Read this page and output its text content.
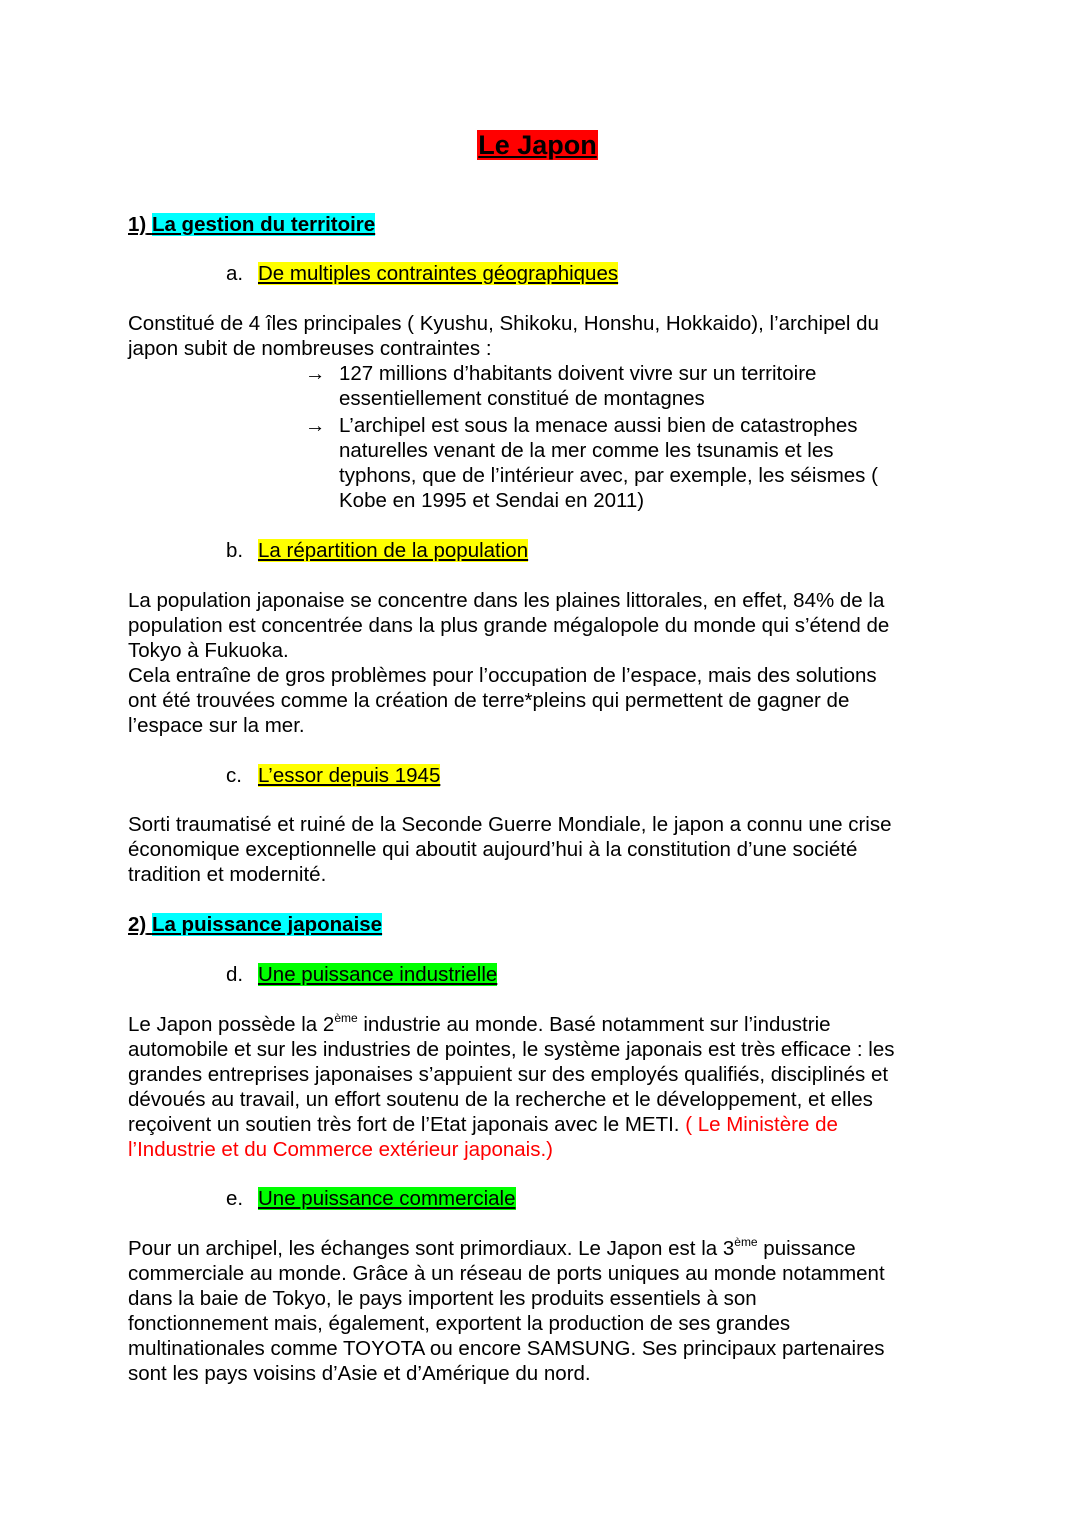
Le Japon
1) La gestion du territoire
a. De multiples contraintes géographiques
Constitué de 4 îles principales ( Kyushu, Shikoku, Honshu, Hokkaido), l’archipel du
japon subit de nombreuses contraintes :
→ 127 millions d’habitants doivent vivre sur un territoire
essentiellement constitué de montagnes
→ L’archipel est sous la menace aussi bien de catastrophes
naturelles venant de la mer comme les tsunamis et les
typhons, que de l’intérieur avec, par exemple, les séismes (
Kobe en 1995 et Sendai en 2011)
b. La répartition de la population
La population japonaise se concentre dans les plaines littorales, en effet, 84% de la
population est concentrée dans la plus grande mégalopole du monde qui s’étend de
Tokyo à Fukuoka.
Cela entraîne de gros problèmes pour l’occupation de l’espace, mais des solutions
ont été trouvées comme la création de terre*pleins qui permettent de gagner de
l’espace sur la mer.
c. L’essor depuis 1945
Sorti traumatisé et ruiné de la Seconde Guerre Mondiale, le japon a connu une crise
économique exceptionnelle qui aboutit aujourd’hui à la constitution d’une société
tradition et modernité.
2) La puissance japonaise
d. Une puissance industrielle
Le Japon possède la 2ème industrie au monde. Basé notamment sur l’industrie
automobile et sur les industries de pointes, le système japonais est très efficace : les
grandes entreprises japonaises s’appuient sur des employés qualifiés, disciplinés et
dévoués au travail, un effort soutenu de la recherche et le développement, et elles
reçoivent un soutien très fort de l’Etat japonais avec le METI. ( Le Ministère de
l’Industrie et du Commerce extérieur japonais.)
e. Une puissance commerciale
Pour un archipel, les échanges sont primordiaux. Le Japon est la 3ème puissance
commerciale au monde. Grâce à un réseau de ports uniques au monde notamment
dans la baie de Tokyo, le pays importent les produits essentiels à son
fonctionnement mais, également, exportent la production de ses grandes
multinationales comme TOYOTA ou encore SAMSUNG. Ses principaux partenaires
sont les pays voisins d’Asie et d’Amérique du nord.
